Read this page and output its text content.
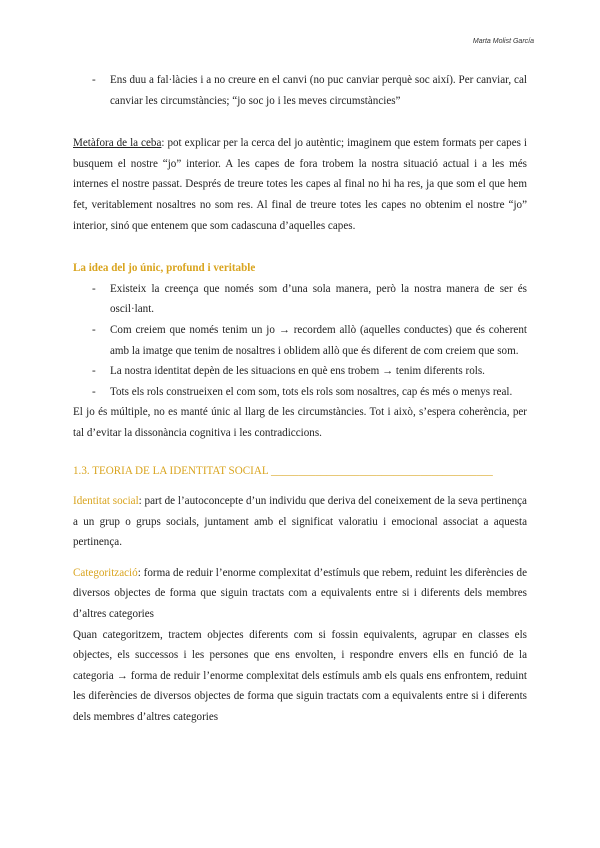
Marta Molist García
- Ens duu a fal·làcies i a no creure en el canvi (no puc canviar perquè soc així). Per canviar, cal canviar les circumstàncies; “jo soc jo i les meves circumstàncies”

Metàfora de la ceba: pot explicar per la cerca del jo autèntic; imaginem que estem formats per capes i busquem el nostre “jo” interior. A les capes de fora trobem la nostra situació actual i a les més internes el nostre passat. Després de treure totes les capes al final no hi ha res, ja que som el que hem fet, veritablement nosaltres no som res. Al final de treure totes les capes no obtenim el nostre “jo” interior, sinó que entenem que som cadascuna d’aquelles capes.

La idea del jo únic, profund i veritable

- Existeix la creença que només som d’una sola manera, però la nostra manera de ser és oscil·lant.
- Com creiem que només tenim un jo → recordem allò (aquelles conductes) que és coherent amb la imatge que tenim de nosaltres i oblidem allò que és diferent de com creiem que som.
- La nostra identitat depèn de les situacions en què ens trobem → tenim diferents rols.
- Tots els rols construeixen el com som, tots els rols som nosaltres, cap és més o menys real.

El jo és múltiple, no es manté únic al llarg de les circumstàncies. Tot i això, s’espera coherència, per tal d’evitar la dissonància cognitiva i les contradiccions.

1.3. TEORIA DE LA IDENTITAT SOCIAL ________________________________________

Identitat social: part de l’autoconcepte d’un individu que deriva del coneixement de la seva pertinença a un grup o grups socials, juntament amb el significat valoratiu i emocional associat a aquesta pertinença.

Categorització: forma de reduir l’enorme complexitat d’estímuls que rebem, reduint les diferències de diversos objectes de forma que siguin tractats com a equivalents entre si i diferents dels membres d’altres categories

Quan categoritzem, tractem objectes diferents com si fossin equivalents, agrupar en classes els objectes, els successos i les persones que ens envolten, i respondre envers ells en funció de la categoria → forma de reduir l’enorme complexitat dels estímuls amb els quals ens enfrontem, reduint les diferències de diversos objectes de forma que siguin tractats com a equivalents entre si i diferents dels membres d’altres categories
